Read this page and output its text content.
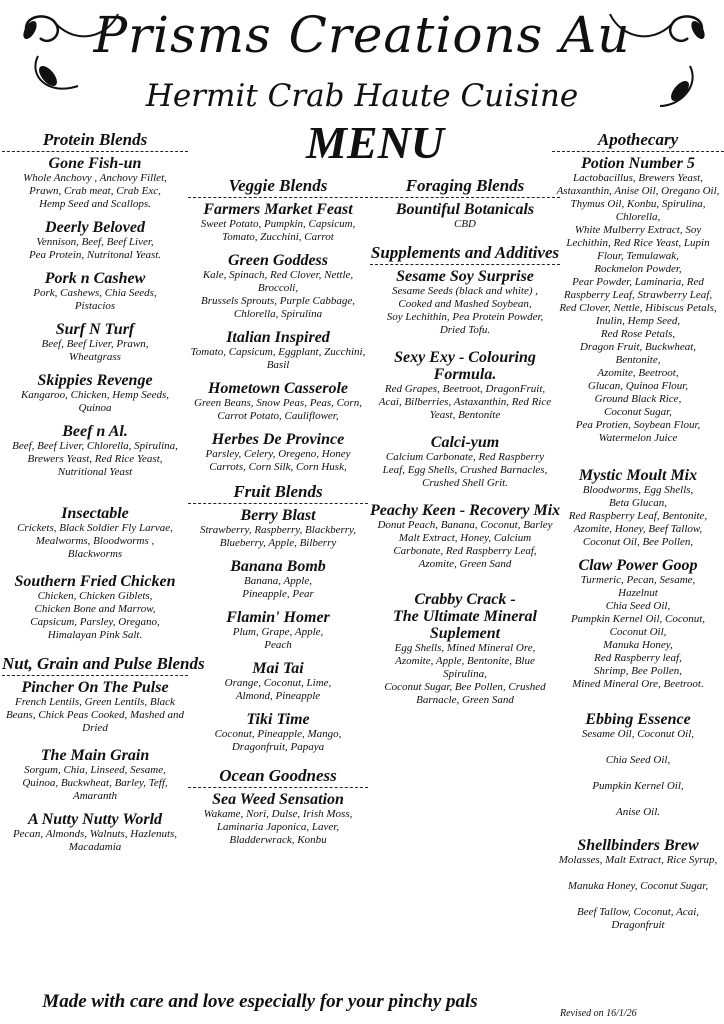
Prisms Creations Au
Hermit Crab Haute Cuisine
MENU
Protein Blends
Gone Fish-un
Whole Anchovy , Anchovy Fillet,
Prawn, Crab meat, Crab Exc,
Hemp Seed and Scallops.
Deerly Beloved
Vennison, Beef, Beef Liver,
Pea Protein, Nutritonal Yeast.
Pork n Cashew
Pork, Cashews, Chia Seeds,
Pistacios
Surf N Turf
Beef, Beef Liver, Prawn,
Wheatgrass
Skippies Revenge
Kangaroo, Chicken, Hemp Seeds,
Quinoa
Beef n Al.
Beef, Beef Liver, Chlorella, Spirulina,
Brewers Yeast, Red Rice Yeast,
Nutritional Yeast
Insectable
Crickets, Black Soldier Fly Larvae,
Mealworms, Bloodworms ,
Blackworms
Southern Fried Chicken
Chicken, Chicken Giblets,
Chicken Bone and Marrow,
Capsicum, Parsley, Oregano,
Himalayan Pink Salt.
Nut, Grain and Pulse Blends
Pincher On The Pulse
French Lentils, Green Lentils, Black
Beans, Chick Peas Cooked, Mashed and
Dried
The Main Grain
Sorgum, Chia, Linseed, Sesame,
Quinoa, Buckwheat, Barley, Teff,
Amaranth
A Nutty Nutty World
Pecan, Almonds, Walnuts, Hazlenuts,
Macadamia
Veggie Blends
Farmers Market Feast
Sweet Potato, Pumpkin, Capsicum,
Tomato, Zucchini, Carrot
Green Goddess
Kale, Spinach, Red Clover, Nettle,
Broccoli,
Brussels Sprouts, Purple Cabbage,
Chlorella, Spirulina
Italian Inspired
Tomato, Capsicum, Eggplant, Zucchini,
Basil
Hometown Casserole
Green Beans, Snow Peas, Peas, Corn,
Carrot Potato, Cauliflower,
Herbes De Province
Parsley, Celery, Oregeno, Honey
Carrots, Corn Silk, Corn Husk,
Fruit Blends
Berry Blast
Strawberry, Raspberry, Blackberry,
Blueberry, Apple, Bilberry
Banana Bomb
Banana, Apple,
Pineapple, Pear
Flamin' Homer
Plum, Grape, Apple,
Peach
Mai Tai
Orange, Coconut, Lime,
Almond, Pineapple
Tiki Time
Coconut, Pineapple, Mango,
Dragonfruit, Papaya
Ocean Goodness
Sea Weed Sensation
Wakame, Nori, Dulse, Irish Moss,
Laminaria Japonica, Laver,
Bladderwrack, Konbu
Foraging Blends
Bountiful Botanicals
CBD
Supplements and Additives
Sesame Soy Surprise
Sesame Seeds (black and white) ,
Cooked and Mashed Soybean,
Soy Lechithin, Pea Protein Powder,
Dried Tofu.
Sexy Exy - Colouring
Formula.
Red Grapes, Beetroot, DragonFruit,
Acai, Bilberries, Astaxanthin, Red Rice
Yeast, Bentonite
Calci-yum
Calcium Carbonate, Red Raspberry
Leaf, Egg Shells, Crushed Barnacles,
Crushed Shell Grit.
Peachy Keen - Recovery Mix
Donut Peach, Banana, Coconut, Barley
Malt Extract, Honey, Calcium
Carbonate, Red Raspberry Leaf,
Azomite, Green Sand
Crabby Crack -
The Ultimate Mineral
Suplement
Egg Shells, Mined Mineral Ore,
Azomite, Apple, Bentonite, Blue
Spirulina,
Coconut Sugar, Bee Pollen, Crushed
Barnacle, Green Sand
Apothecary
Potion Number 5
Lactobacillus, Brewers Yeast,
Astaxanthin, Anise Oil, Oregano Oil,
Thymus Oil, Konbu, Spirulina,
Chlorella,
White Mulberry Extract, Soy
Lechithin, Red Rice Yeast, Lupin
Flour, Temulawak,
Rockmelon Powder,
Pear Powder, Laminaria, Red
Raspberry Leaf, Strawberry Leaf,
Red Clover, Nettle, Hibiscus Petals,
Inulin, Hemp Seed,
Red Rose Petals,
Dragon Fruit, Buckwheat,
Bentonite,
Azomite, Beetroot,
Glucan, Quinoa Flour,
Ground Black Rice,
Coconut Sugar,
Pea Protien, Soybean Flour,
Watermelon Juice
Mystic Moult Mix
Bloodworms, Egg Shells,
Beta Glucan,
Red Raspberry Leaf, Bentonite,
Azomite, Honey, Beef Tallow,
Coconut Oil, Bee Pollen,
Claw Power Goop
Turmeric, Pecan, Sesame,
Hazelnut
Chia Seed Oil,
Pumpkin Kernel Oil, Coconut,
Coconut Oil,
Manuka Honey,
Red Raspberry leaf,
Shrimp, Bee Pollen,
Mined Mineral Ore, Beetroot.
Ebbing Essence
Sesame Oil, Coconut Oil,

Chia Seed Oil,

Pumpkin Kernel Oil,

Anise Oil.
Shellbinders Brew
Molasses, Malt Extract, Rice Syrup,

Manuka Honey, Coconut Sugar,

Beef Tallow, Coconut, Acai, Dragonfruit
Made with care and love especially for your pinchy pals
Revised on 16/1/26
